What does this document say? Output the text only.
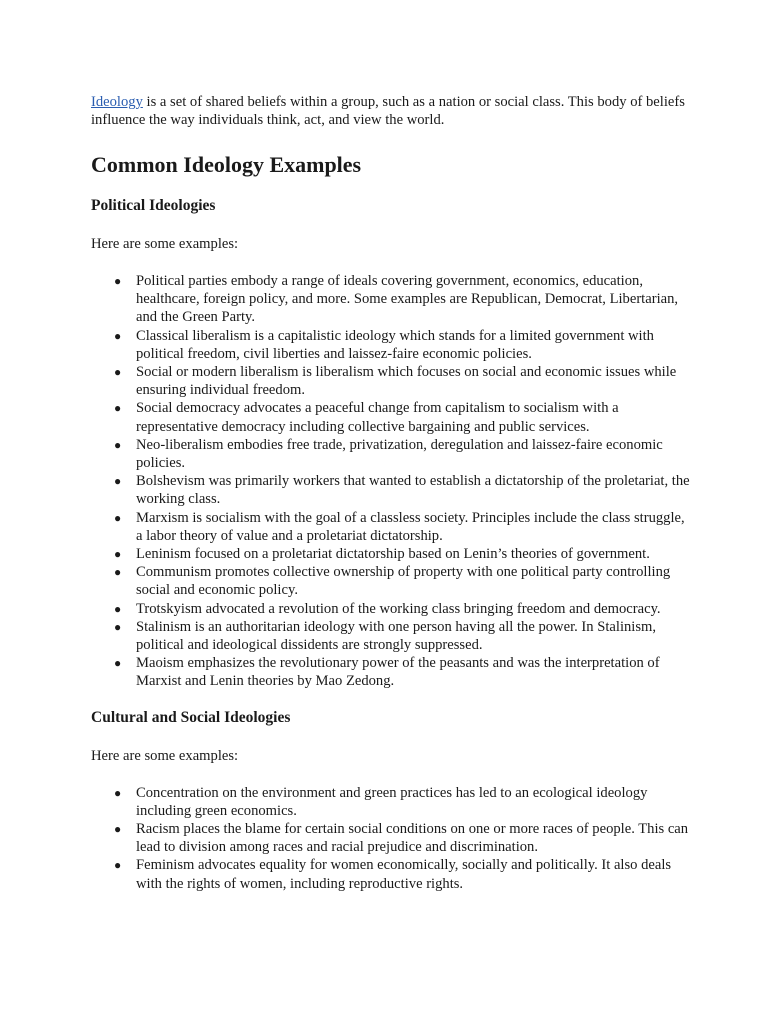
Ideology is a set of shared beliefs within a group, such as a nation or social class. This body of beliefs influence the way individuals think, act, and view the world.

Common Ideology Examples
Political Ideologies

Here are some examples:

● Political parties embody a range of ideals covering government, economics, education, healthcare, foreign policy, and more. Some examples are Republican, Democrat, Libertarian, and the Green Party.
● Classical liberalism is a capitalistic ideology which stands for a limited government with political freedom, civil liberties and laissez-faire economic policies.
● Social or modern liberalism is liberalism which focuses on social and economic issues while ensuring individual freedom.
● Social democracy advocates a peaceful change from capitalism to socialism with a representative democracy including collective bargaining and public services.
● Neo-liberalism embodies free trade, privatization, deregulation and laissez-faire economic policies.
● Bolshevism was primarily workers that wanted to establish a dictatorship of the proletariat, the working class.
● Marxism is socialism with the goal of a classless society. Principles include the class struggle, a labor theory of value and a proletariat dictatorship.
● Leninism focused on a proletariat dictatorship based on Lenin’s theories of government.
● Communism promotes collective ownership of property with one political party controlling social and economic policy.
● Trotskyism advocated a revolution of the working class bringing freedom and democracy.
● Stalinism is an authoritarian ideology with one person having all the power. In Stalinism, political and ideological dissidents are strongly suppressed.
● Maoism emphasizes the revolutionary power of the peasants and was the interpretation of Marxist and Lenin theories by Mao Zedong.
Cultural and Social Ideologies

Here are some examples:

● Concentration on the environment and green practices has led to an ecological ideology including green economics.
● Racism places the blame for certain social conditions on one or more races of people. This can lead to division among races and racial prejudice and discrimination.
● Feminism advocates equality for women economically, socially and politically. It also deals with the rights of women, including reproductive rights.
